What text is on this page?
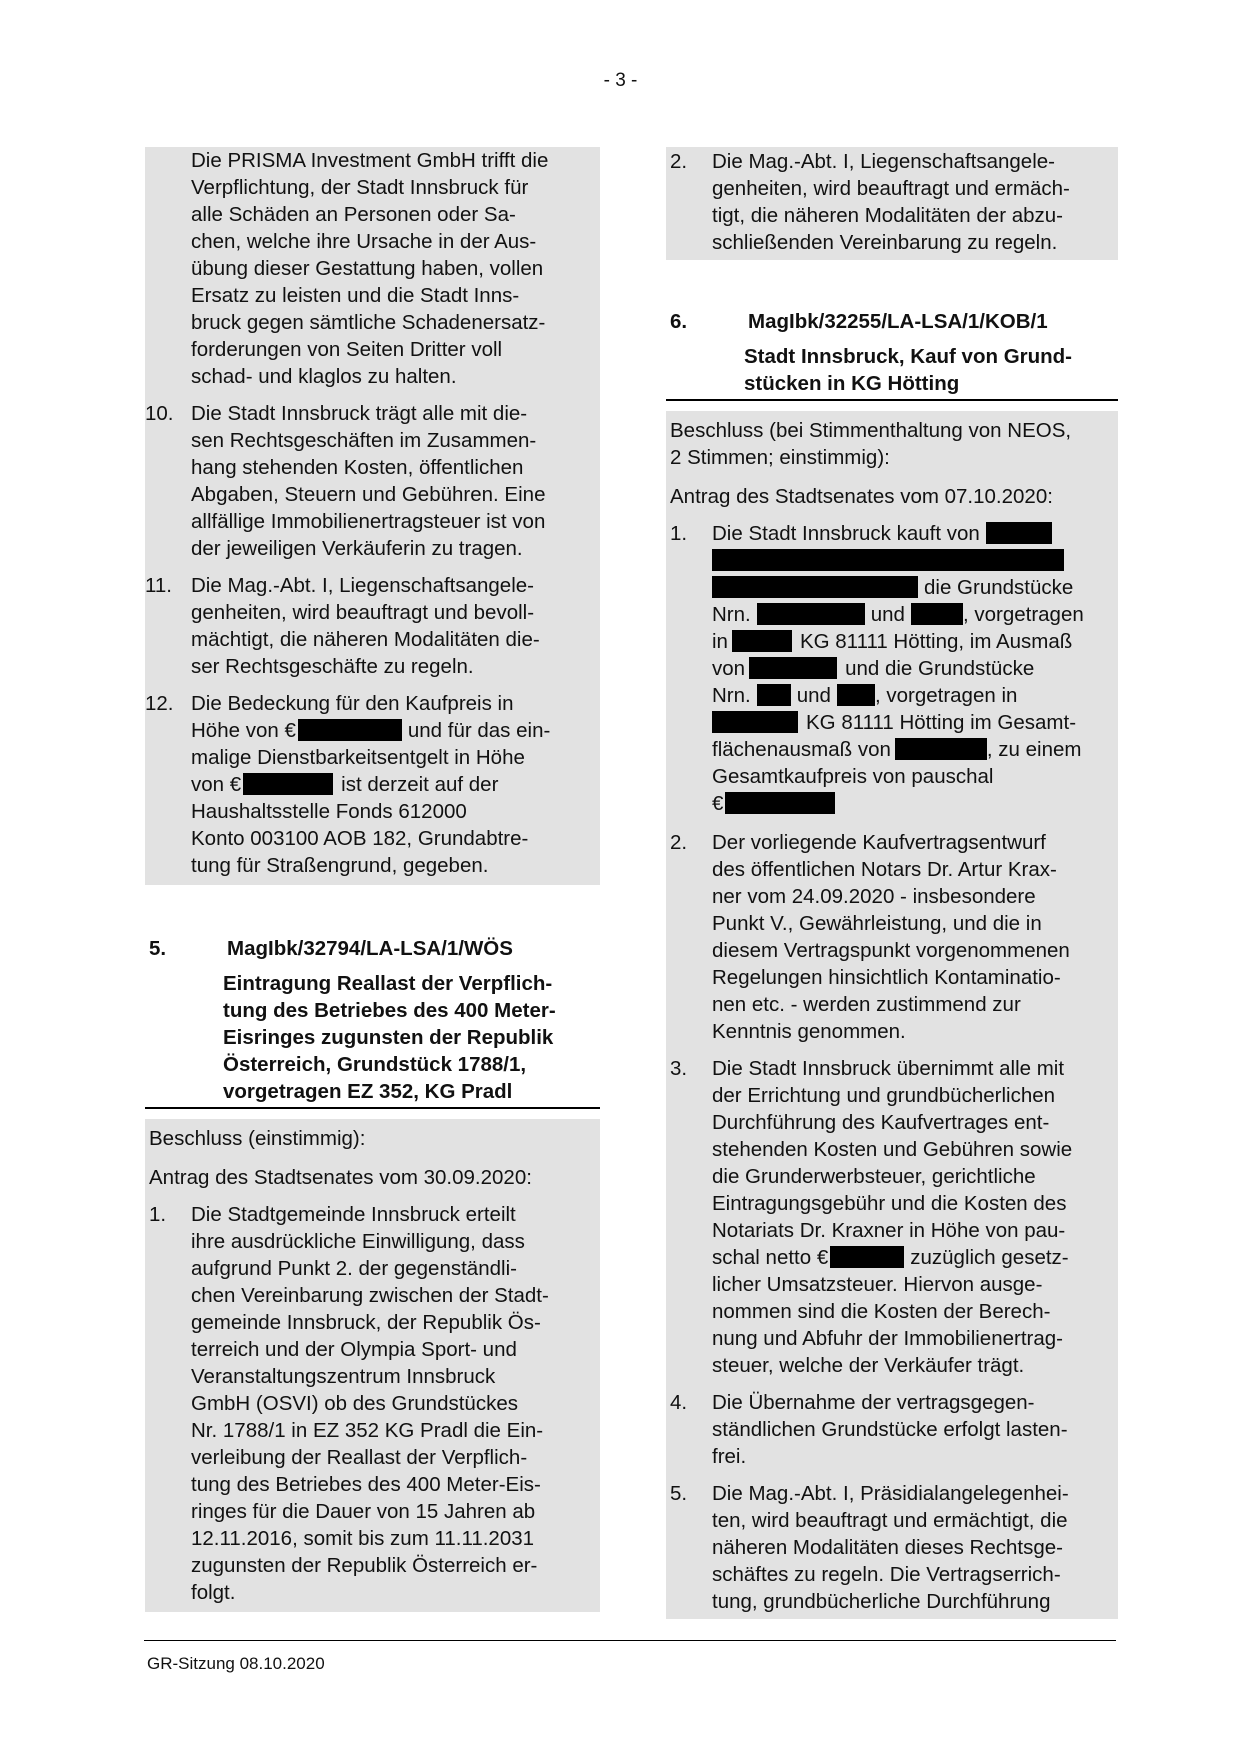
- 3 -
Die PRISMA Investment GmbH trifft die
Verpflichtung, der Stadt Innsbruck für
alle Schäden an Personen oder Sa-
chen, welche ihre Ursache in der Aus-
übung dieser Gestattung haben, vollen
Ersatz zu leisten und die Stadt Inns-
bruck gegen sämtliche Schadenersatz-
forderungen von Seiten Dritter voll
schad- und klaglos zu halten.
10. Die Stadt Innsbruck trägt alle mit die-
sen Rechtsgeschäften im Zusammen-
hang stehenden Kosten, öffentlichen
Abgaben, Steuern und Gebühren. Eine
allfällige Immobilienertragsteuer ist von
der jeweiligen Verkäuferin zu tragen.
11. Die Mag.-Abt. I, Liegenschaftsangele-
genheiten, wird beauftragt und bevoll-
mächtigt, die näheren Modalitäten die-
ser Rechtsgeschäfte zu regeln.
12. Die Bedeckung für den Kaufpreis in
Höhe von €	und für das ein-
malige Dienstbarkeitsentgelt in Höhe
von €	ist derzeit auf der
Haushaltsstelle Fonds 612000
Konto 003100 AOB 182, Grundabtre-
tung für Straßengrund, gegeben.
5.	MagIbk/32794/LA-LSA/1/WÖS
Eintragung Reallast der Verpflich-
tung des Betriebes des 400 Meter-
Eisringes zugunsten der Republik
Österreich, Grundstück 1788/1,
vorgetragen EZ 352, KG Pradl
Beschluss (einstimmig):
Antrag des Stadtsenates vom 30.09.2020:
1.	Die Stadtgemeinde Innsbruck erteilt
ihre ausdrückliche Einwilligung, dass
aufgrund Punkt 2. der gegenständli-
chen Vereinbarung zwischen der Stadt-
gemeinde Innsbruck, der Republik Ös-
terreich und der Olympia Sport- und
Veranstaltungszentrum Innsbruck
GmbH (OSVI) ob des Grundstückes
Nr. 1788/1 in EZ 352 KG Pradl die Ein-
verleibung der Reallast der Verpflich-
tung des Betriebes des 400 Meter-Eis-
ringes für die Dauer von 15 Jahren ab
12.11.2016, somit bis zum 11.11.2031
zugunsten der Republik Österreich er-
folgt.
2.	Die Mag.-Abt. I, Liegenschaftsangele-
genheiten, wird beauftragt und ermäch-
tigt, die näheren Modalitäten der abzu-
schließenden Vereinbarung zu regeln.
6.	MagIbk/32255/LA-LSA/1/KOB/1
Stadt Innsbruck, Kauf von Grund-
stücken in KG Hötting
Beschluss (bei Stimmenthaltung von NEOS,
2 Stimmen; einstimmig):
Antrag des Stadtsenates vom 07.10.2020:
1.	Die Stadt Innsbruck kauft von
die Grundstücke
Nrn.	und	, vorgetragen
in	KG 81111 Hötting, im Ausmaß
von	und die Grundstücke
Nrn. und , vorgetragen in
KG 81111 Hötting im Gesamt-
flächenausmaß von	, zu einem
Gesamtkaufpreis von pauschal
€
2.	Der vorliegende Kaufvertragsentwurf
des öffentlichen Notars Dr. Artur Krax-
ner vom 24.09.2020 - insbesondere
Punkt V., Gewährleistung, und die in
diesem Vertragspunkt vorgenommenen
Regelungen hinsichtlich Kontaminatio-
nen etc. - werden zustimmend zur
Kenntnis genommen.
3.	Die Stadt Innsbruck übernimmt alle mit
der Errichtung und grundbücherlichen
Durchführung des Kaufvertrages ent-
stehenden Kosten und Gebühren sowie
die Grunderwerbsteuer, gerichtliche
Eintragungsgebühr und die Kosten des
Notariats Dr. Kraxner in Höhe von pau-
schal netto €	zuzüglich gesetz-
licher Umsatzsteuer. Hiervon ausge-
nommen sind die Kosten der Berech-
nung und Abfuhr der Immobilienertrag-
steuer, welche der Verkäufer trägt.
4.	Die Übernahme der vertragsgegen-
ständlichen Grundstücke erfolgt lasten-
frei.
5.	Die Mag.-Abt. I, Präsidialangelegenhei-
ten, wird beauftragt und ermächtigt, die
näheren Modalitäten dieses Rechtsge-
schäftes zu regeln. Die Vertragserrich-
tung, grundbücherliche Durchführung
GR-Sitzung 08.10.2020
